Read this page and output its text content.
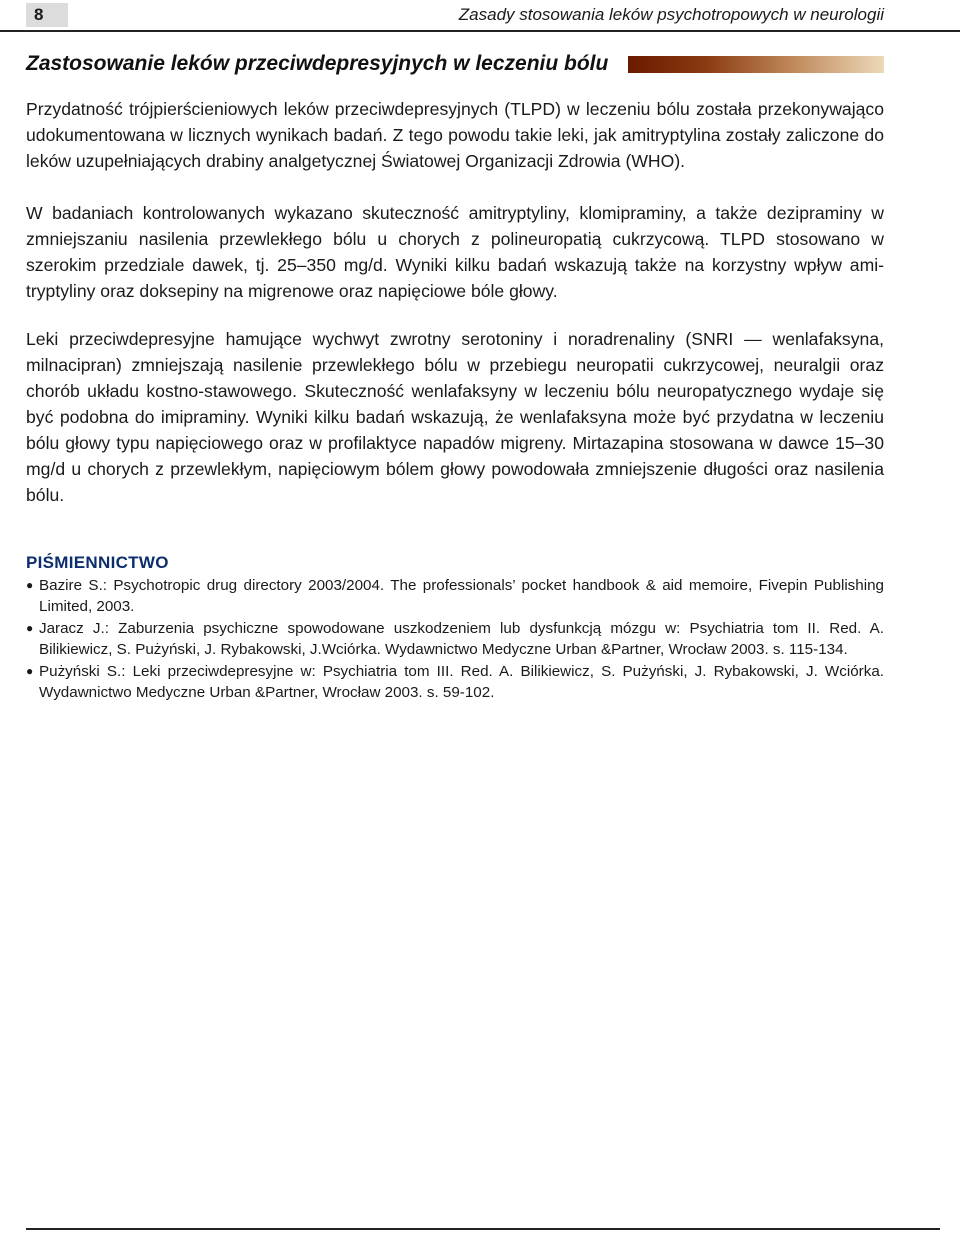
8	Zasady stosowania leków psychotropowych w neurologii
Zastosowanie leków przeciwdepresyjnych w leczeniu bólu
Przydatność trójpierścieniowych leków przeciwdepresyjnych (TLPD) w leczeniu bólu została przekonywająco udokumentowana w licznych wynikach badań. Z tego powodu takie leki, jak amitryptylina zostały zaliczone do leków uzupełniających drabiny analgetycznej Światowej Organizacji Zdrowia (WHO).
W badaniach kontrolowanych wykazano skuteczność amitryptyliny, klomipraminy, a także dezipraminy w zmniejszaniu nasilenia przewlekłego bólu u chorych z polineuropatią cukrzycową. TLPD stosowano w szerokim przedziale dawek, tj. 25–350 mg/d. Wyniki kilku badań wskazują także na korzystny wpływ amitryptyliny oraz doksepiny na migrenowe oraz napięciowe bóle głowy.
Leki przeciwdepresyjne hamujące wychwyt zwrotny serotoniny i noradrenaliny (SNRI — wenlafaksyna, milnacipran) zmniejszają nasilenie przewlekłego bólu w przebiegu neuropatii cukrzycowej, neuralgii oraz chorób układu kostno-stawowego. Skuteczność wenlafaksyny w leczeniu bólu neuropatycznego wydaje się być podobna do imipraminy. Wyniki kilku badań wskazują, że wenlafaksyna może być przydatna w leczeniu bólu głowy typu napięciowego oraz w profilaktyce napadów migreny. Mirtazapina stosowana w dawce 15–30 mg/d u chorych z przewlekłym, napięciowym bólem głowy powodowała zmniejszenie długości oraz nasilenia bólu.
PIŚMIENNICTWO
● Bazire S.: Psychotropic drug directory 2003/2004. The professionals’ pocket handbook & aid memoire, Fivepin Publishing Limited, 2003.
● Jaracz J.: Zaburzenia psychiczne spowodowane uszkodzeniem lub dysfunkcją mózgu w: Psychiatria tom II. Red. A. Bilikiewicz, S. Pużyński, J. Rybakowski, J.Wciórka. Wydawnictwo Medyczne Urban &Partner, Wrocław 2003. s. 115-134.
● Pużyński S.: Leki przeciwdepresyjne w: Psychiatria tom III. Red. A. Bilikiewicz, S. Pużyński, J. Rybakowski, J. Wciórka. Wydawnictwo Medyczne Urban &Partner, Wrocław 2003. s. 59-102.
